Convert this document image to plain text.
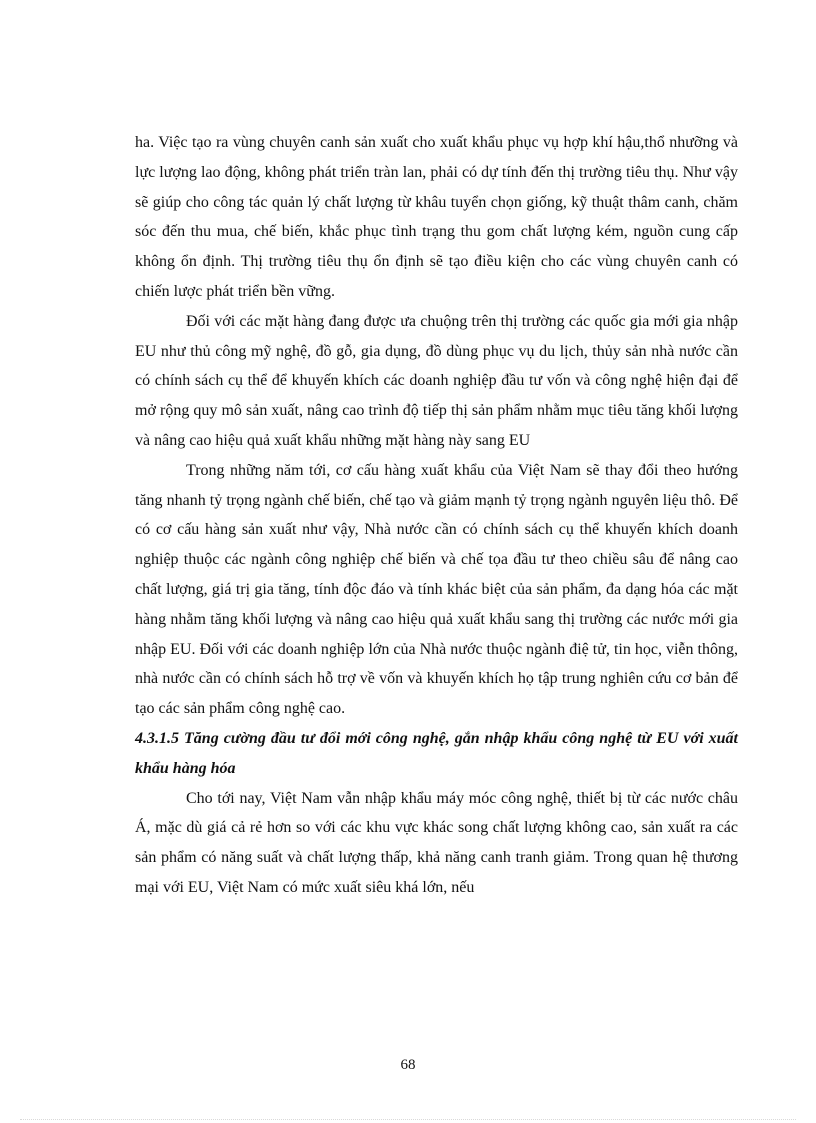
ha. Việc tạo ra vùng chuyên canh sản xuất cho xuất khẩu phục vụ hợp khí hậu,thổ nhưỡng và lực lượng lao động, không phát triển tràn lan, phải có dự tính đến thị trường tiêu thụ. Như vậy sẽ giúp cho công tác quản lý chất lượng từ khâu tuyển chọn giống, kỹ thuật thâm canh, chăm sóc đến thu mua, chế biến, khắc phục tình trạng thu gom chất lượng kém, nguồn cung cấp không ổn định. Thị trường tiêu thụ ổn định sẽ tạo điều kiện cho các vùng chuyên canh có chiến lược phát triển bền vững.

Đối với các mặt hàng đang được ưa chuộng trên thị trường các quốc gia mới gia nhập EU như thủ công mỹ nghệ, đồ gỗ, gia dụng, đồ dùng phục vụ du lịch, thủy sản nhà nước cần có chính sách cụ thể để khuyến khích các doanh nghiệp đầu tư vốn và công nghệ hiện đại để mở rộng quy mô sản xuất, nâng cao trình độ tiếp thị sản phẩm nhằm mục tiêu tăng khối lượng và nâng cao hiệu quả xuất khẩu những mặt hàng này sang EU

Trong những năm tới, cơ cấu hàng xuất khẩu của Việt Nam sẽ thay đổi theo hướng tăng nhanh tỷ trọng ngành chế biến, chế tạo và giảm mạnh tỷ trọng ngành nguyên liệu thô. Để có cơ cấu hàng sản xuất như vậy, Nhà nước cần có chính sách cụ thể khuyến khích doanh nghiệp thuộc các ngành công nghiệp chế biến và chế tọa đầu tư theo chiều sâu để nâng cao chất lượng, giá trị gia tăng, tính độc đáo và tính khác biệt của sản phẩm, đa dạng hóa các mặt hàng nhằm tăng khối lượng và nâng cao hiệu quả xuất khẩu sang thị trường các nước mới gia nhập EU. Đối với các doanh nghiệp lớn của Nhà nước thuộc ngành điệ tử, tin học, viễn thông, nhà nước cần có chính sách hỗ trợ về vốn và khuyến khích họ tập trung nghiên cứu cơ bản để tạo các sản phẩm công nghệ cao.

4.3.1.5 Tăng cường đầu tư đổi mới công nghệ, gắn nhập khẩu công nghệ từ EU với xuất khẩu hàng hóa

Cho tới nay, Việt Nam vẫn nhập khẩu máy móc công nghệ, thiết bị từ các nước châu Á, mặc dù giá cả rẻ hơn so với các khu vực khác song chất lượng không cao, sản xuất ra các sản phẩm có năng suất và chất lượng thấp, khả năng canh tranh giảm. Trong quan hệ thương mại với EU, Việt Nam có mức xuất siêu khá lớn, nếu

68
